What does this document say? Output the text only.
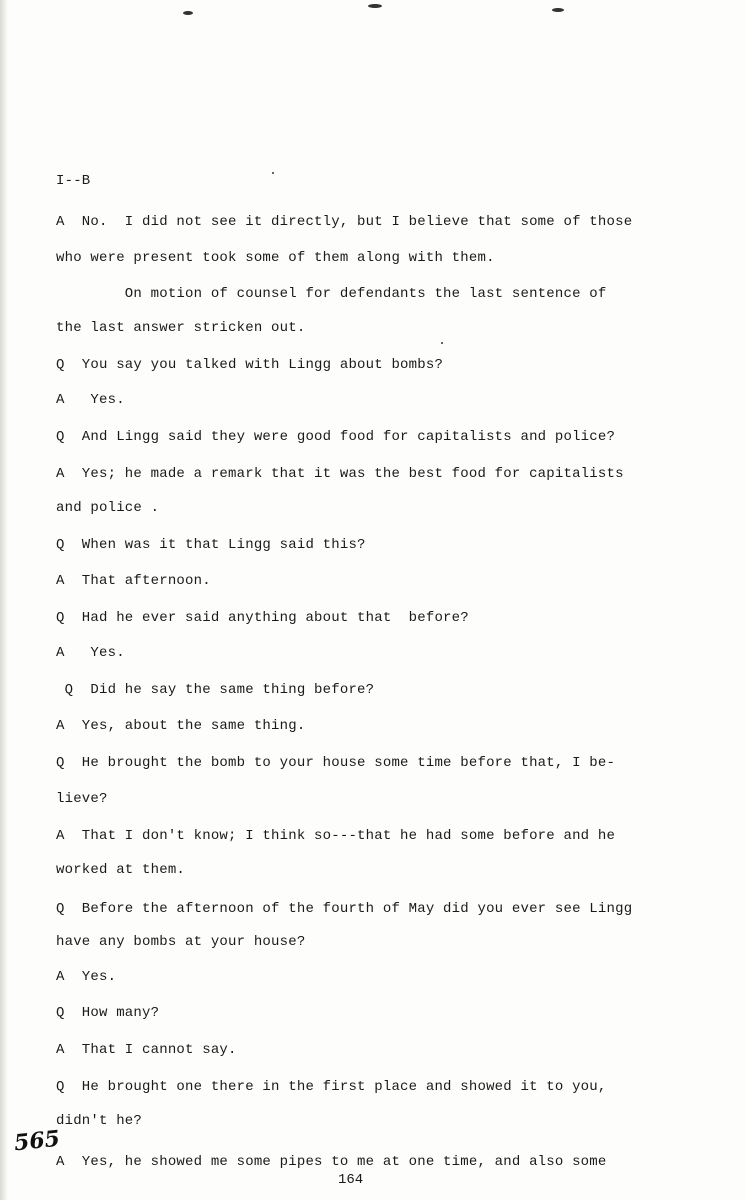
I--B
A  No.  I did not see it directly, but I believe that some of those
who were present took some of them along with them.
On motion of counsel for defendants the last sentence of
the last answer stricken out.
Q  You say you talked with Lingg about bombs?
A   Yes.
Q  And Lingg said they were good food for capitalists and police?
A  Yes; he made a remark that it was the best food for capitalists
and police .
Q  When was it that Lingg said this?
A  That afternoon.
Q  Had he ever said anything about that  before?
A   Yes.
Q  Did he say the same thing before?
A  Yes, about the same thing.
Q  He brought the bomb to your house some time before that, I be-
lieve?
A  That I don't know; I think so---that he had some before and he
worked at them.
Q  Before the afternoon of the fourth of May did you ever see Lingg
have any bombs at your house?
A  Yes.
Q  How many?
A  That I cannot say.
Q  He brought one there in the first place and showed it to you,
didn't he?
A  Yes, he showed me some pipes to me at one time, and also some
565
164
